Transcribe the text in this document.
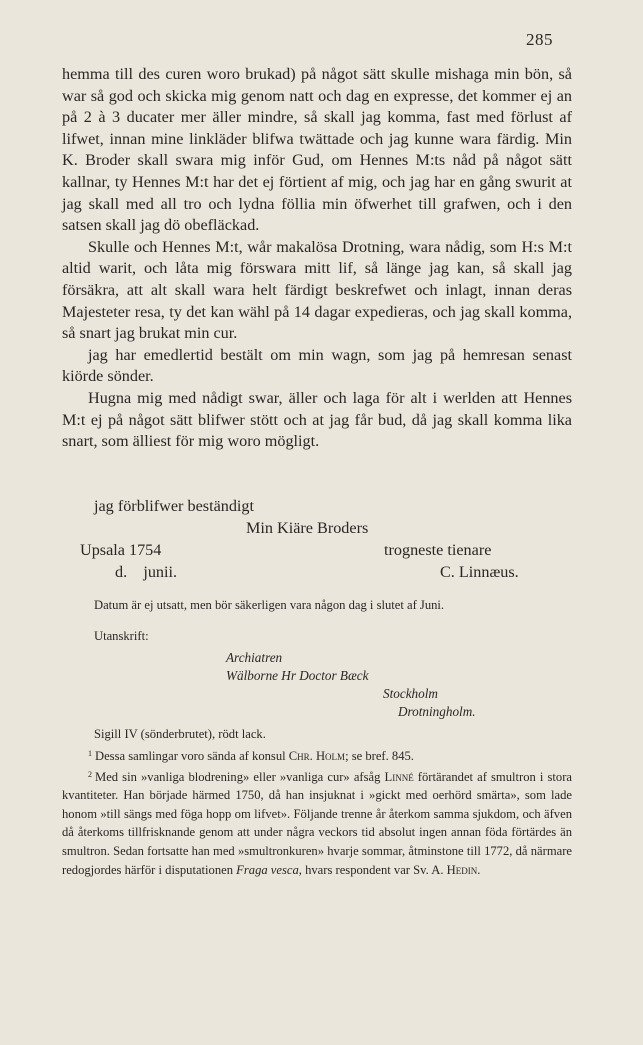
285

hemma till des curen woro brukad) på något sätt skulle mishaga min bön, så war så god och skicka mig genom natt och dag en expresse, det kommer ej an på 2 à 3 ducater mer äller mindre, så skall jag komma, fast med förlust af lifwet, innan mine linkläder blifwa twättade och jag kunne wara färdig. Min K. Broder skall swara mig inför Gud, om Hennes M:ts nåd på något sätt kallnar, ty Hennes M:t har det ej förtient af mig, och jag har en gång swurit at jag skall med all tro och lydna föllia min öfwerhet till grafwen, och i den satsen skall jag dö obefläckad.

Skulle och Hennes M:t, wår makalösa Drotning, wara nådig, som H:s M:t altid warit, och låta mig förswara mitt lif, så länge jag kan, så skall jag försäkra, att alt skall wara helt färdigt beskrefwet och inlagt, innan deras Majesteter resa, ty det kan wähl på 14 dagar expedieras, och jag skall komma, så snart jag brukat min cur.

jag har emedlertid bestält om min wagn, som jag på hemresan senast kiörde sönder.

Hugna mig med nådigt swar, äller och laga för alt i werlden att Hennes M:t ej på något sätt blifwer stött och at jag får bud, då jag skall komma lika snart, som älliest för mig woro mögligt.

jag förblifwer beständigt
Min Kiäre Broders
Upsala 1754	trogneste tienare
d.    junii.	C. Linnæus.
Datum är ej utsatt, men bör säkerligen vara någon dag i slutet af Juni.
Utanskrift:
Archiatren
Wälborne Hr Doctor Bæck
Stockholm
Drotningholm.
Sigill IV (sönderbrutet), rödt lack.

$^1$ Dessa samlingar voro sända af konsul Chr. Holm; se bref. 845.

$^2$ Med sin »vanliga blodrening» eller »vanliga cur» afsåg Linné förtärandet af smultron i stora kvantiteter. Han började härmed 1750, då han insjuknat i »gickt med oerhörd smärta», som lade honom »till sängs med föga hopp om lifvet». Följande trenne år återkom samma sjukdom, och äfven då återkoms tillfrisknande genom att under några veckors tid absolut ingen annan föda förtärdes än smultron. Sedan fortsatte han med »smultronkuren» hvarje sommar, åtminstone till 1772, då närmare redogjordes härför i disputationen Fraga vesca, hvars respondent var Sv. A. Hedin.
